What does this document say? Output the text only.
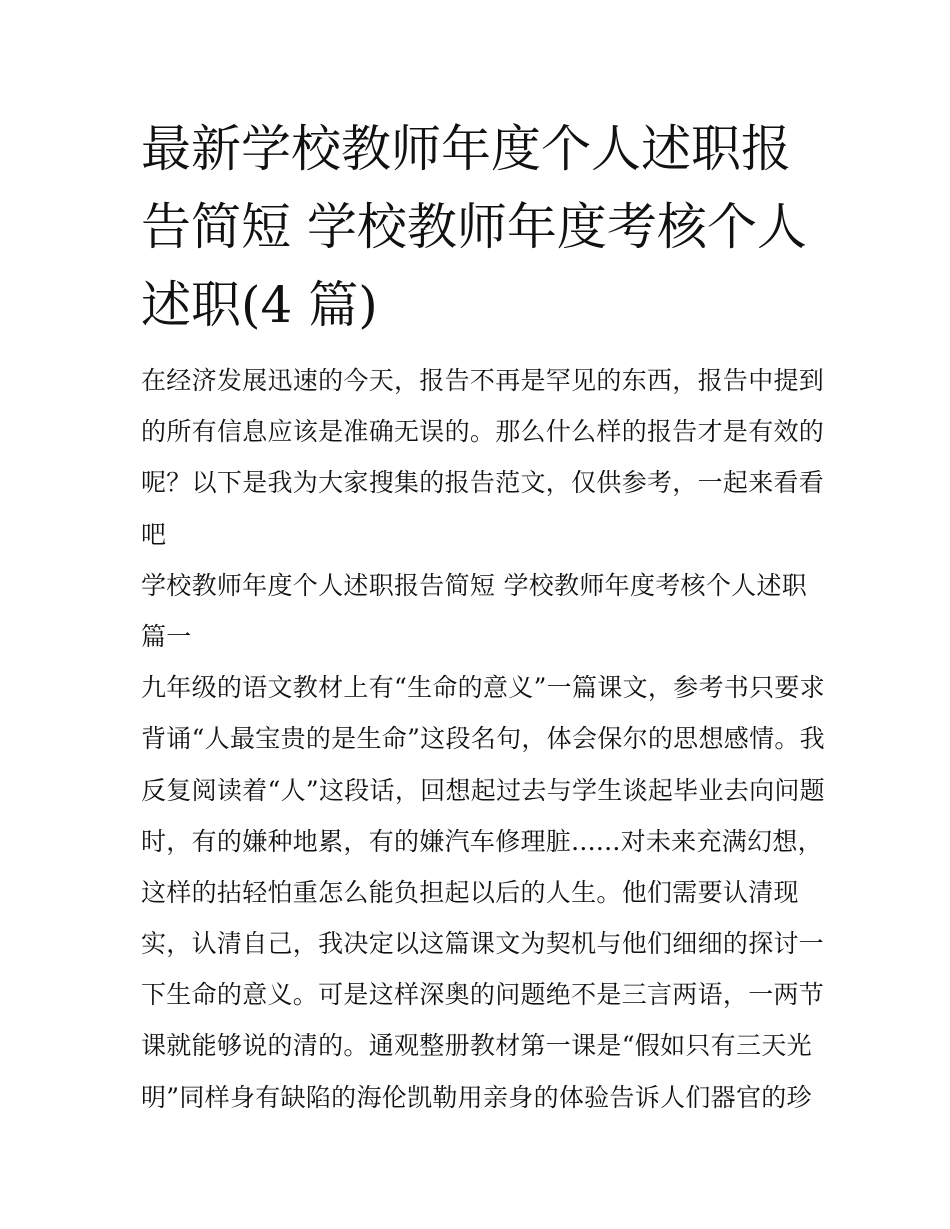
最新学校教师年度个人述职报
告简短 学校教师年度考核个人
述职(4 篇)
在经济发展迅速的今天，报告不再是罕见的东西，报告中提到
的所有信息应该是准确无误的。那么什么样的报告才是有效的
呢？以下是我为大家搜集的报告范文，仅供参考，一起来看看
吧
学校教师年度个人述职报告简短 学校教师年度考核个人述职
篇一
九年级的语文教材上有“生命的意义”一篇课文，参考书只要求
背诵“人最宝贵的是生命”这段名句，体会保尔的思想感情。我
反复阅读着“人”这段话，回想起过去与学生谈起毕业去向问题
时，有的嫌种地累，有的嫌汽车修理脏......对未来充满幻想，
这样的拈轻怕重怎么能负担起以后的人生。他们需要认清现
实，认清自己，我决定以这篇课文为契机与他们细细的探讨一
下生命的意义。可是这样深奥的问题绝不是三言两语，一两节
课就能够说的清的。通观整册教材第一课是“假如只有三天光
明”同样身有缺陷的海伦凯勒用亲身的体验告诉人们器官的珍
